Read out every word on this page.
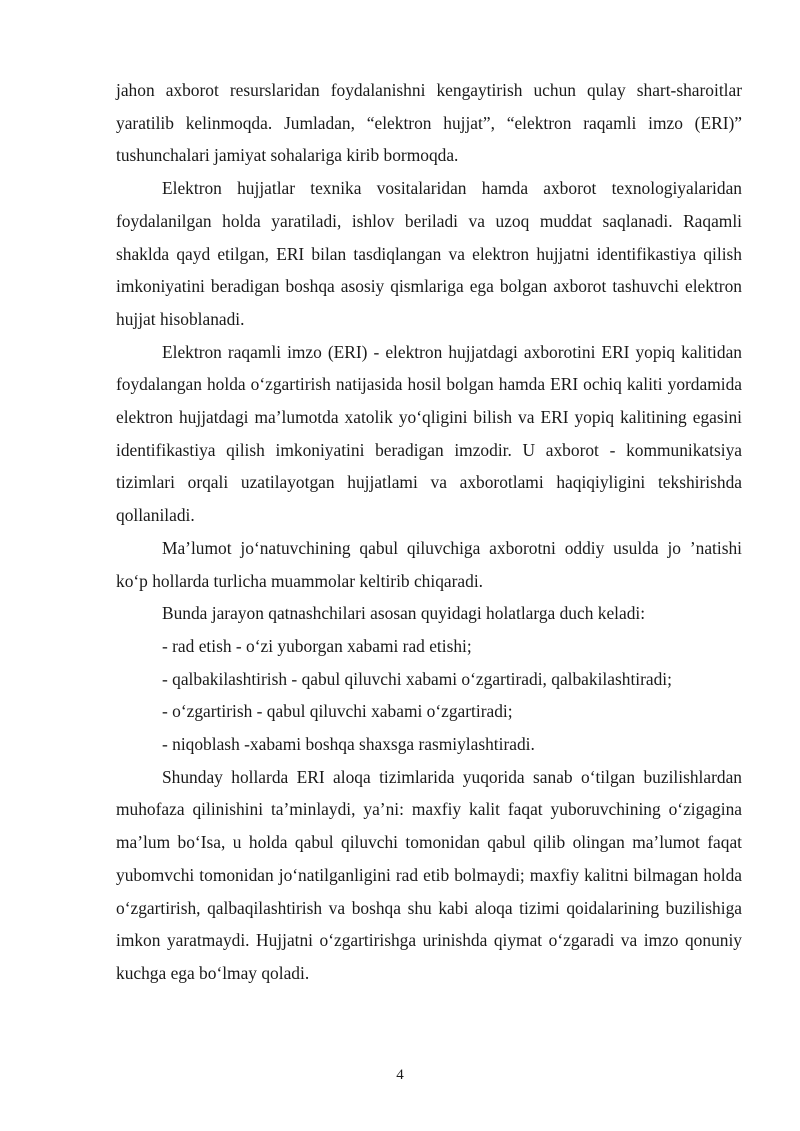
jahon axborot resurslaridan foydalanishni kengaytirish uchun qulay shart-sharoitlar yaratilib kelinmoqda. Jumladan, “elektron hujjat”, “elektron raqamli imzo (ERI)” tushunchalari jamiyat sohalariga kirib bormoqda.

Elektron hujjatlar texnika vositalaridan hamda axborot texnologiyalaridan foydalanilgan holda yaratiladi, ishlov beriladi va uzoq muddat saqlanadi. Raqamli shaklda qayd etilgan, ERI bilan tasdiqlangan va elektron hujjatni identifikastiya qilish imkoniyatini beradigan boshqa asosiy qismlariga ega bolgan axborot tashuvchi elektron hujjat hisoblanadi.

Elektron raqamli imzo (ERI) - elektron hujjatdagi axborotini ERI yopiq kalitidan foydalangan holda o‘zgartirish natijasida hosil bolgan hamda ERI ochiq kaliti yordamida elektron hujjatdagi ma’lumotda xatolik yo‘qligini bilish va ERI yopiq kalitining egasini identifikastiya qilish imkoniyatini beradigan imzodir. U axborot - kommunikatsiya tizimlari orqali uzatilayotgan hujjatlami va axborotlami haqiqiyligini tekshirishda qollaniladi.

Ma’lumot jo‘natuvchining qabul qiluvchiga axborotni oddiy usulda jo ’natishi ko‘p hollarda turlicha muammolar keltirib chiqaradi.

Bunda jarayon qatnashchilari asosan quyidagi holatlarga duch keladi:

- rad etish - o‘zi yuborgan xabami rad etishi;

- qalbakilashtirish - qabul qiluvchi xabami o‘zgartiradi, qalbakilashtiradi;

- o‘zgartirish - qabul qiluvchi xabami o‘zgartiradi;

- niqoblash -xabami boshqa shaxsga rasmiylashtiradi.

Shunday hollarda ERI aloqa tizimlarida yuqorida sanab o‘tilgan buzilishlardan muhofaza qilinishini ta’minlaydi, ya’ni: maxfiy kalit faqat yuboruvchining o‘zigagina ma’lum bo‘Isa, u holda qabul qiluvchi tomonidan qabul qilib olingan ma’lumot faqat yubomvchi tomonidan jo‘natilganligini rad etib bolmaydi; maxfiy kalitni bilmagan holda o‘zgartirish, qalbaqilashtirish va boshqa shu kabi aloqa tizimi qoidalarining buzilishiga imkon yaratmaydi. Hujjatni o‘zgartirishga urinishda qiymat o‘zgaradi va imzo qonuniy kuchga ega bo‘lmay qoladi.

4
